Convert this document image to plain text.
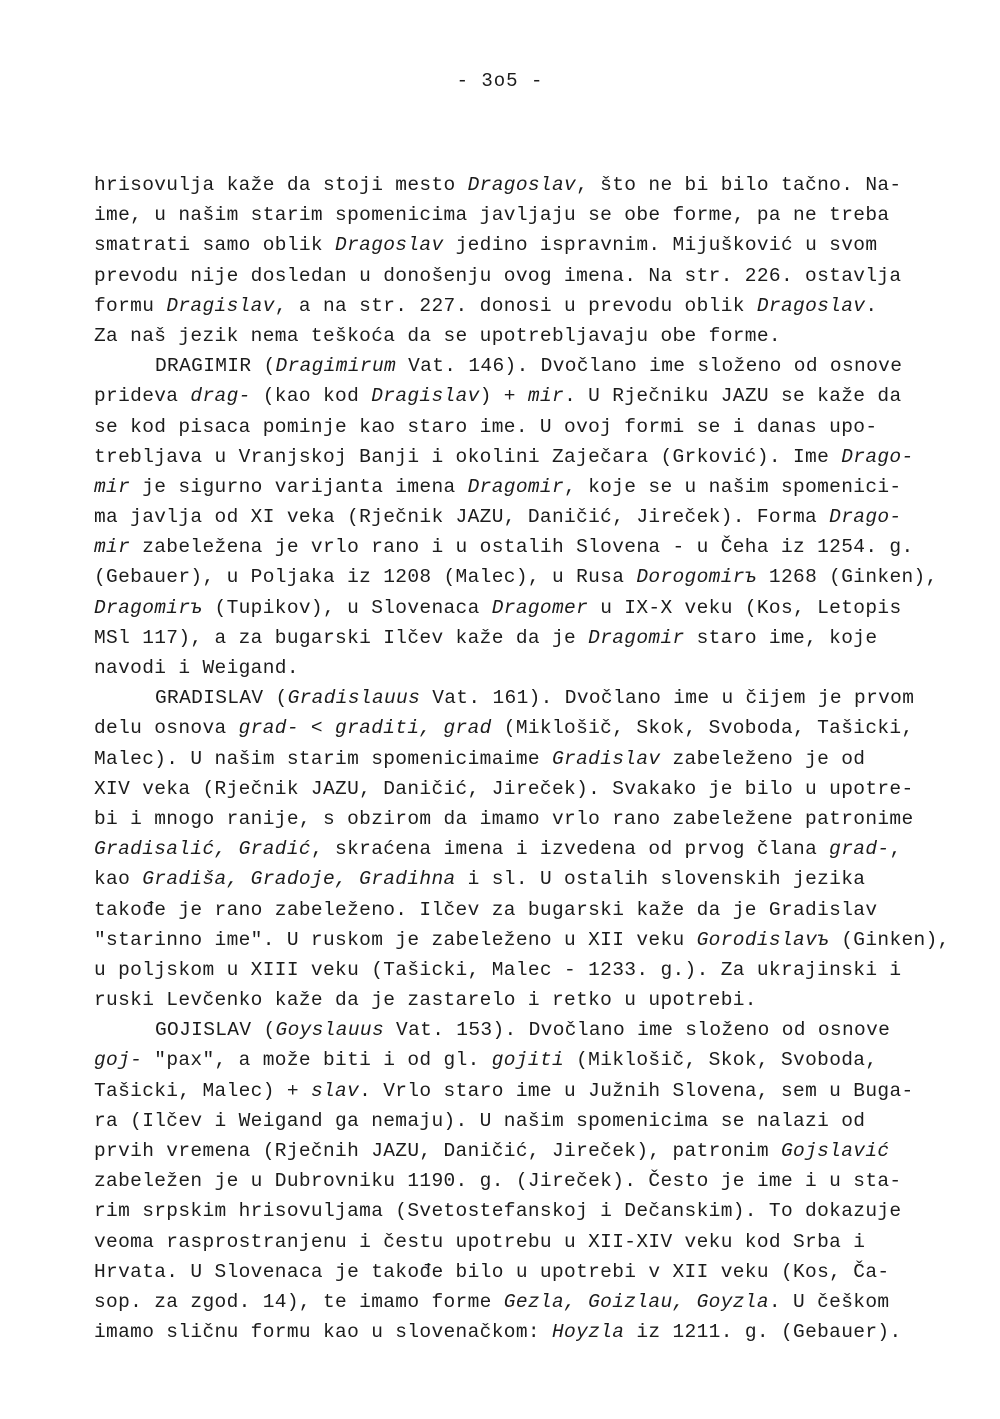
- 3o5 -
hrisovulja kaže da stoji mesto Dragoslav, što ne bi bilo tačno. Na-
ime, u našim starim spomenicima javljaju se obe forme, pa ne treba
smatrati samo oblik Dragoslav jedino ispravnim. Mijušković u svom
prevodu nije dosledan u donošenju ovog imena. Na str. 226. ostavlja
formu Dragislav, a na str. 227. donosi u prevodu oblik Dragoslav.
Za naš jezik nema teškoća da se upotrebljavaju obe forme.
DRAGIMIR (Dragimirum Vat. 146). Dvočlano ime složeno od osnove
prideva drag- (kao kod Dragislav) + mir. U Rječniku JAZU se kaže da
se kod pisaca pominje kao staro ime. U ovoj formi se i danas upo-
trebljava u Vranjskoj Banji i okolini Zaječara (Grković). Ime Drago-
mir je sigurno varijanta imena Dragomir, koje se u našim spomenici-
ma javlja od XI veka (Rječnik JAZU, Daničić, Jireček). Forma Drago-
mir zabeležena je vrlo rano i u ostalih Slovena - u Čeha iz 1254. g.
(Gebauer), u Poljaka iz 1208 (Malec), u Rusa Dorogomirъ 1268 (Ginken),
Dragomirъ (Tupikov), u Slovenaca Dragomer u IX-X veku (Kos, Letopis
MSl 117), a za bugarski Ilčev kaže da je Dragomir staro ime, koje
navodi i Weigand.
GRADISLAV (Gradislauus Vat. 161). Dvočlano ime u čijem je prvom
delu osnova grad- < graditi, grad (Miklošič, Skok, Svoboda, Tašicki,
Malec). U našim starim spomenicimaime Gradislav zabeleženo je od
XIV veka (Rječnik JAZU, Daničić, Jireček). Svakako je bilo u upotre-
bi i mnogo ranije, s obzirom da imamo vrlo rano zabeležene patronime
Gradisalić, Gradić, skraćena imena i izvedena od prvog člana grad-,
kao Gradiša, Gradoje, Gradihna i sl. U ostalih slovenskih jezika
takođe je rano zabeleženo. Ilčev za bugarski kaže da je Gradislav
"starinno ime". U ruskom je zabeleženo u XII veku Gorodislavъ (Ginken),
u poljskom u XIII veku (Tašicki, Malec - 1233. g.). Za ukrajinski i
ruski Levčenko kaže da je zastarelo i retko u upotrebi.
GOJISLAV (Goyslauus Vat. 153). Dvočlano ime složeno od osnove
goj- "pax", a može biti i od gl. gojiti (Miklošič, Skok, Svoboda,
Tašicki, Malec) + slav. Vrlo staro ime u Južnih Slovena, sem u Buga-
ra (Ilčev i Weigand ga nemaju). U našim spomenicima se nalazi od
prvih vremena (Rječnih JAZU, Daničić, Jireček), patronim Gojslavić
zabeležen je u Dubrovniku 1190. g. (Jireček). Često je ime i u sta-
rim srpskim hrisovuljama (Svetostefanskoj i Dečanskim). To dokazuje
veoma rasprostranjenu i čestu upotrebu u XII-XIV veku kod Srba i
Hrvata. U Slovenaca je takođe bilo u upotrebi v XII veku (Kos, Ča-
sop. za zgod. 14), te imamo forme Gezla, Goizlau, Goyzla. U češkom
imamo sličnu formu kao u slovenačkom: Hoyzla iz 1211. g. (Gebauer).
